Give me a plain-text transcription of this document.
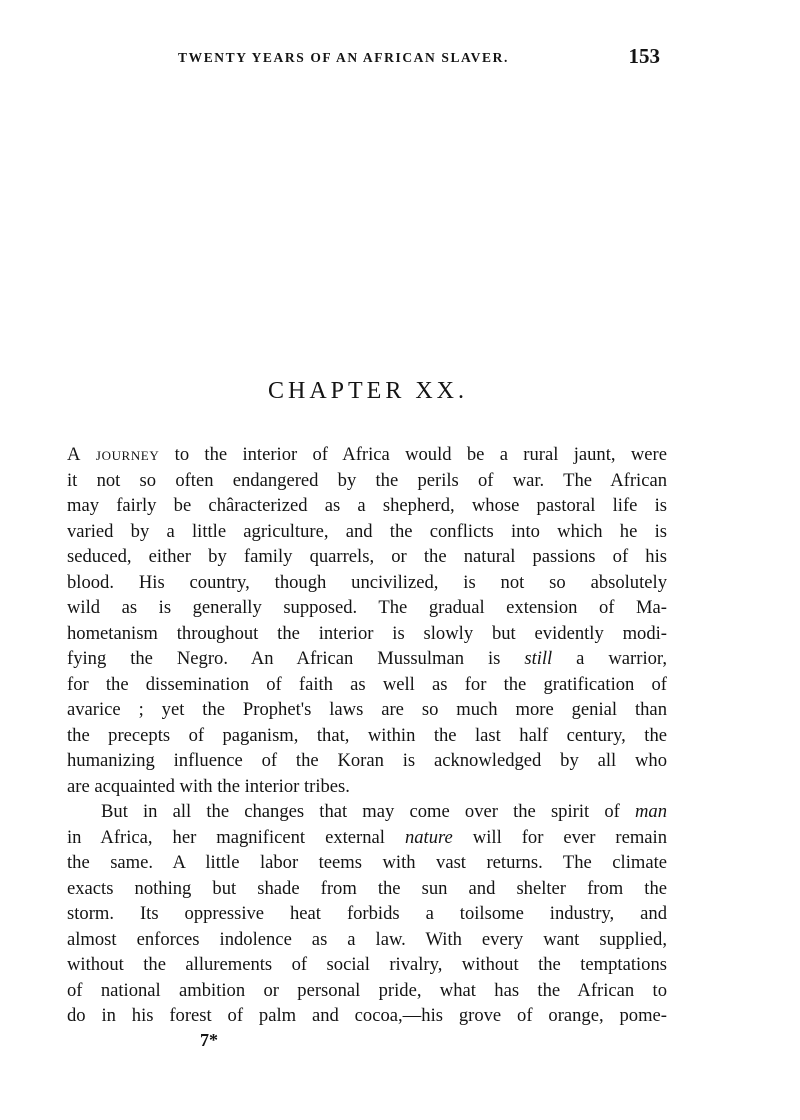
TWENTY YEARS OF AN AFRICAN SLAVER.	153
CHAPTER XX.
A journey to the interior of Africa would be a rural jaunt, were
it not so often endangered by the perils of war. The African
may fairly be châracterized as a shepherd, whose pastoral life is
varied by a little agriculture, and the conflicts into which he is
seduced, either by family quarrels, or the natural passions of his
blood. His country, though uncivilized, is not so absolutely
wild as is generally supposed. The gradual extension of Ma-
hometanism throughout the interior is slowly but evidently modi-
fying the Negro. An African Mussulman is still a warrior,
for the dissemination of faith as well as for the gratification of
avarice ; yet the Prophet's laws are so much more genial than
the precepts of paganism, that, within the last half century, the
humanizing influence of the Koran is acknowledged by all who
are acquainted with the interior tribes.
But in all the changes that may come over the spirit of man
in Africa, her magnificent external nature will for ever remain
the same. A little labor teems with vast returns. The climate
exacts nothing but shade from the sun and shelter from the
storm. Its oppressive heat forbids a toilsome industry, and
almost enforces indolence as a law. With every want supplied,
without the allurements of social rivalry, without the temptations
of national ambition or personal pride, what has the African to
do in his forest of palm and cocoa,—his grove of orange, pome-
7*
